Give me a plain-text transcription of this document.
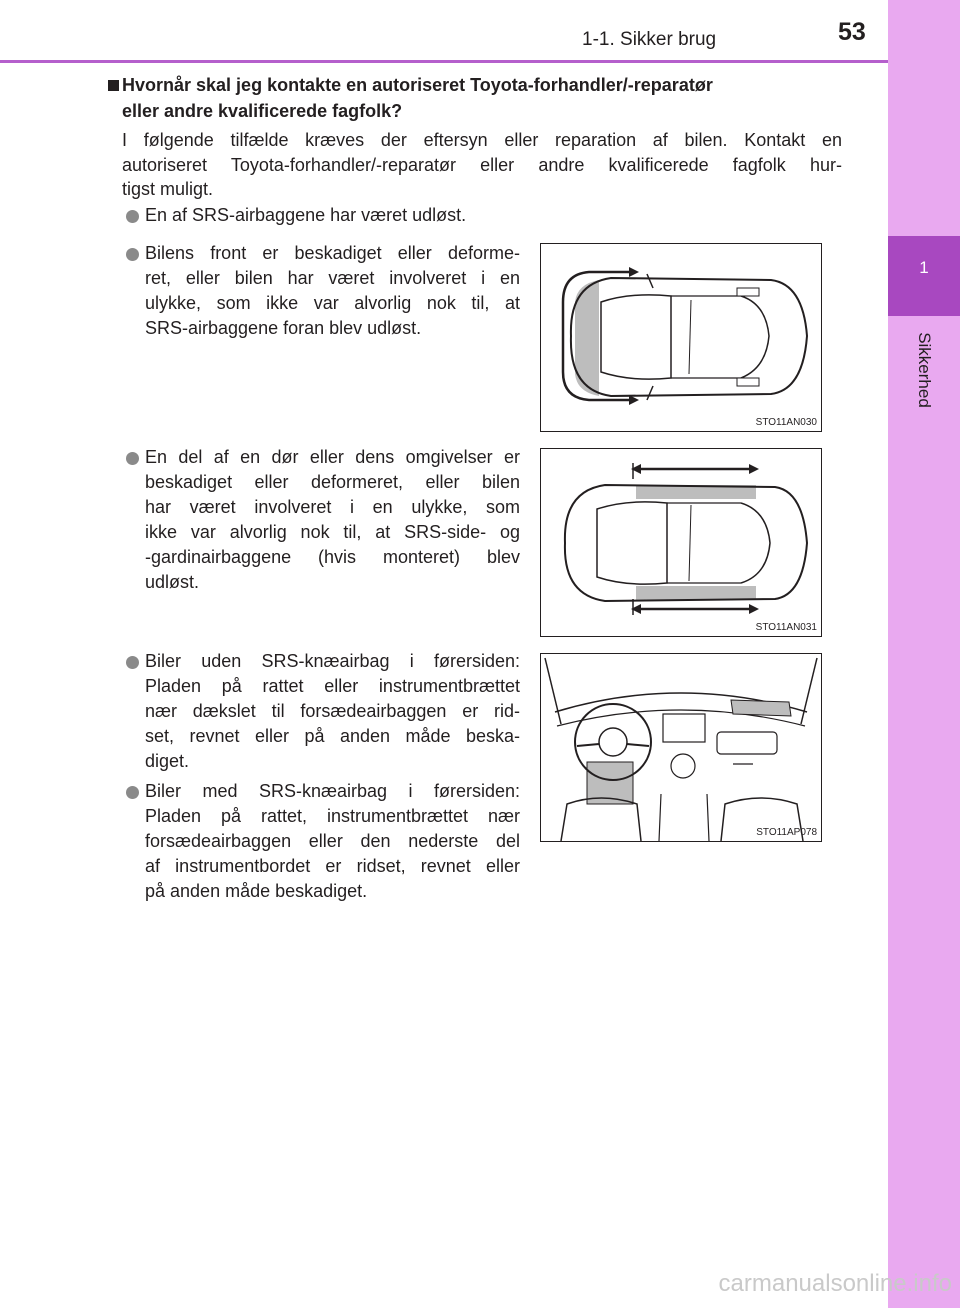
1
Sikkerhed
1-1. Sikker brug	53
Hvornår skal jeg kontakte en autoriseret Toyota-forhandler/-reparatør
eller andre kvalificerede fagfolk?
I følgende tilfælde kræves der eftersyn eller reparation af bilen. Kontakt en
autoriseret Toyota-forhandler/-reparatør eller andre kvalificerede fagfolk hur-
tigst muligt.
En af SRS-airbaggene har været udløst.
Bilens front er beskadiget eller deforme-
ret, eller bilen har været involveret i en
ulykke, som ikke var alvorlig nok til, at
SRS-airbaggene foran blev udløst.
En del af en dør eller dens omgivelser er
beskadiget eller deformeret, eller bilen
har været involveret i en ulykke, som
ikke var alvorlig nok til, at SRS-side- og
-gardinairbaggene (hvis monteret) blev
udløst.
Biler uden SRS-knæairbag i førersiden:
Pladen på rattet eller instrumentbrættet
nær dækslet til forsædeairbaggen er rid-
set, revnet eller på anden måde beska-
diget.
Biler med SRS-knæairbag i førersiden:
Pladen på rattet, instrumentbrættet nær
forsædeairbaggen eller den nederste del
af instrumentbordet er ridset, revnet eller
på anden måde beskadiget.
STO11AN030
STO11AN031
STO11AP078
carmanualsonline.info
